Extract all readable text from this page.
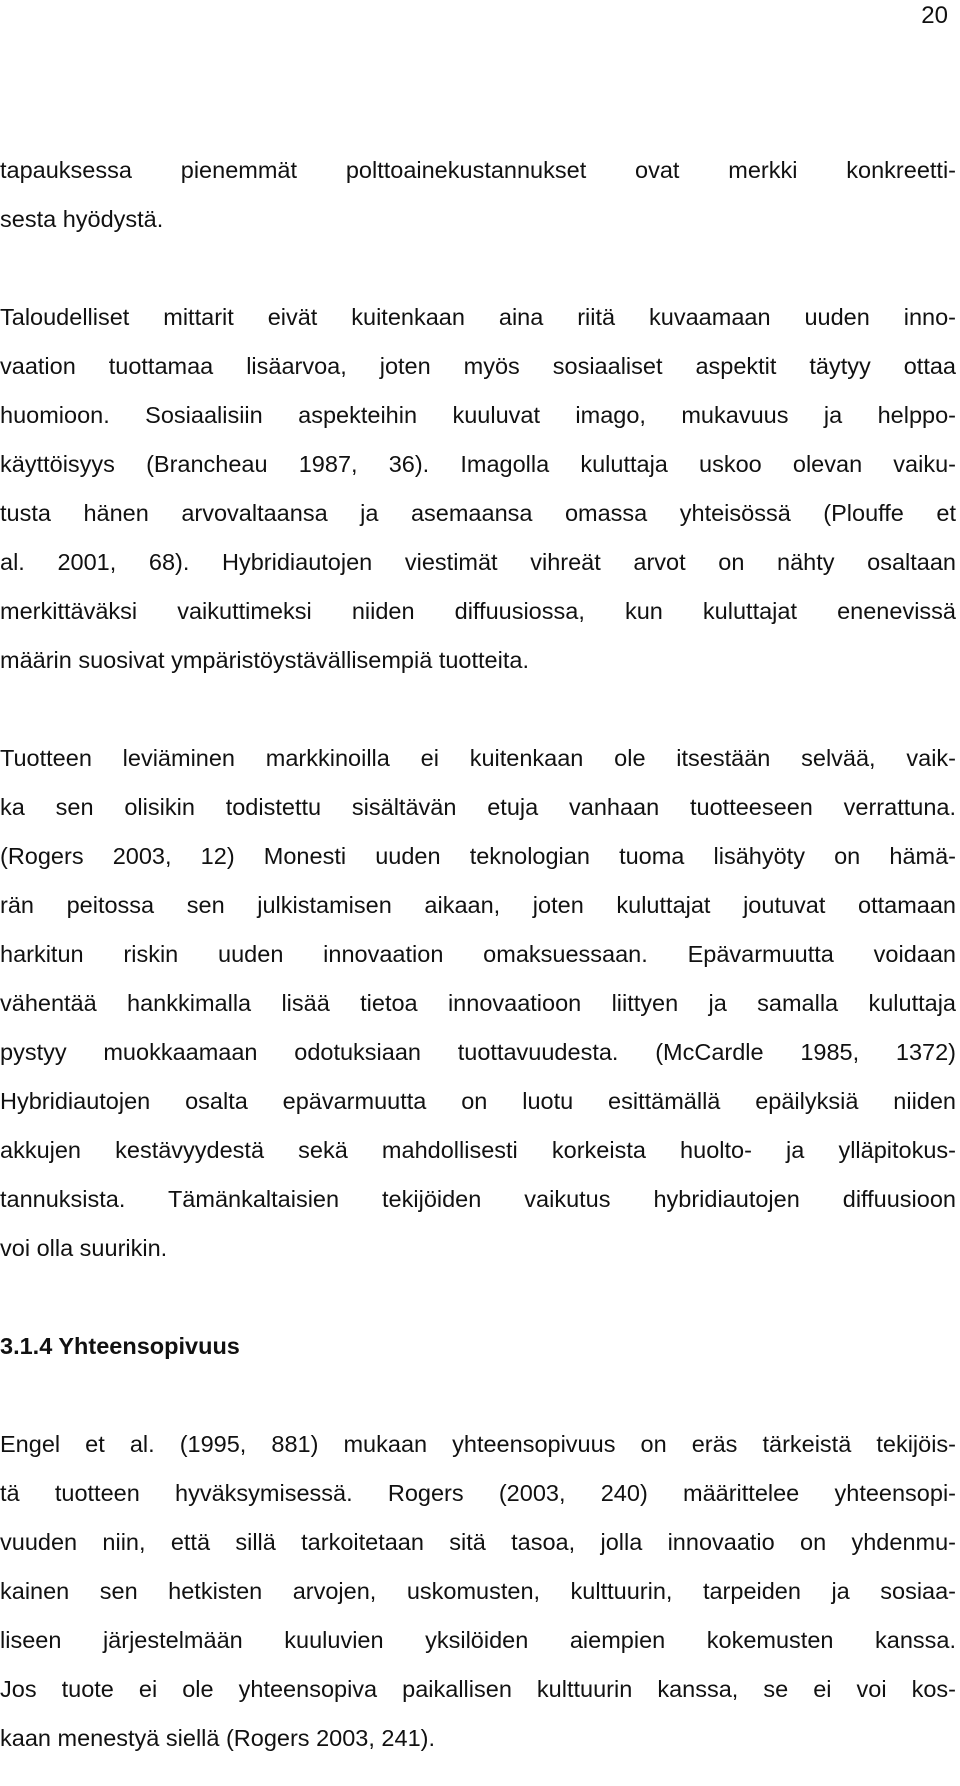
20
tapauksessa pienemmät polttoainekustannukset ovat merkki konkreetti-
sesta hyödystä.
Taloudelliset mittarit eivät kuitenkaan aina riitä kuvaamaan uuden inno-
vaation tuottamaa lisäarvoa, joten myös sosiaaliset aspektit täytyy ottaa
huomioon. Sosiaalisiin aspekteihin kuuluvat imago, mukavuus ja helppo-
käyttöisyys (Brancheau 1987, 36). Imagolla kuluttaja uskoo olevan vaiku-
tusta hänen arvovaltaansa ja asemaansa omassa yhteisössä (Plouffe et
al. 2001, 68). Hybridiautojen viestimät vihreät arvot on nähty osaltaan
merkittäväksi vaikuttimeksi niiden diffuusiossa, kun kuluttajat enenevissä
määrin suosivat ympäristöystävällisempiä tuotteita.
Tuotteen leviäminen markkinoilla ei kuitenkaan ole itsestään selvää, vaik-
ka sen olisikin todistettu sisältävän etuja vanhaan tuotteeseen verrattuna.
(Rogers 2003, 12) Monesti uuden teknologian tuoma lisähyöty on hämä-
rän peitossa sen julkistamisen aikaan, joten kuluttajat joutuvat ottamaan
harkitun riskin uuden innovaation omaksuessaan. Epävarmuutta voidaan
vähentää hankkimalla lisää tietoa innovaatioon liittyen ja samalla kuluttaja
pystyy muokkaamaan odotuksiaan tuottavuudesta. (McCardle 1985, 1372)
Hybridiautojen osalta epävarmuutta on luotu esittämällä epäilyksiä niiden
akkujen kestävyydestä sekä mahdollisesti korkeista huolto- ja ylläpitokus-
tannuksista. Tämänkaltaisien tekijöiden vaikutus hybridiautojen diffuusioon
voi olla suurikin.
3.1.4 Yhteensopivuus
Engel et al. (1995, 881) mukaan yhteensopivuus on eräs tärkeistä tekijöis-
tä tuotteen hyväksymisessä. Rogers (2003, 240) määrittelee yhteensopi-
vuuden niin, että sillä tarkoitetaan sitä tasoa, jolla innovaatio on yhdenmu-
kainen sen hetkisten arvojen, uskomusten, kulttuurin, tarpeiden ja sosiaa-
liseen järjestelmään kuuluvien yksilöiden aiempien kokemusten kanssa.
Jos tuote ei ole yhteensopiva paikallisen kulttuurin kanssa, se ei voi kos-
kaan menestyä siellä (Rogers 2003, 241).
